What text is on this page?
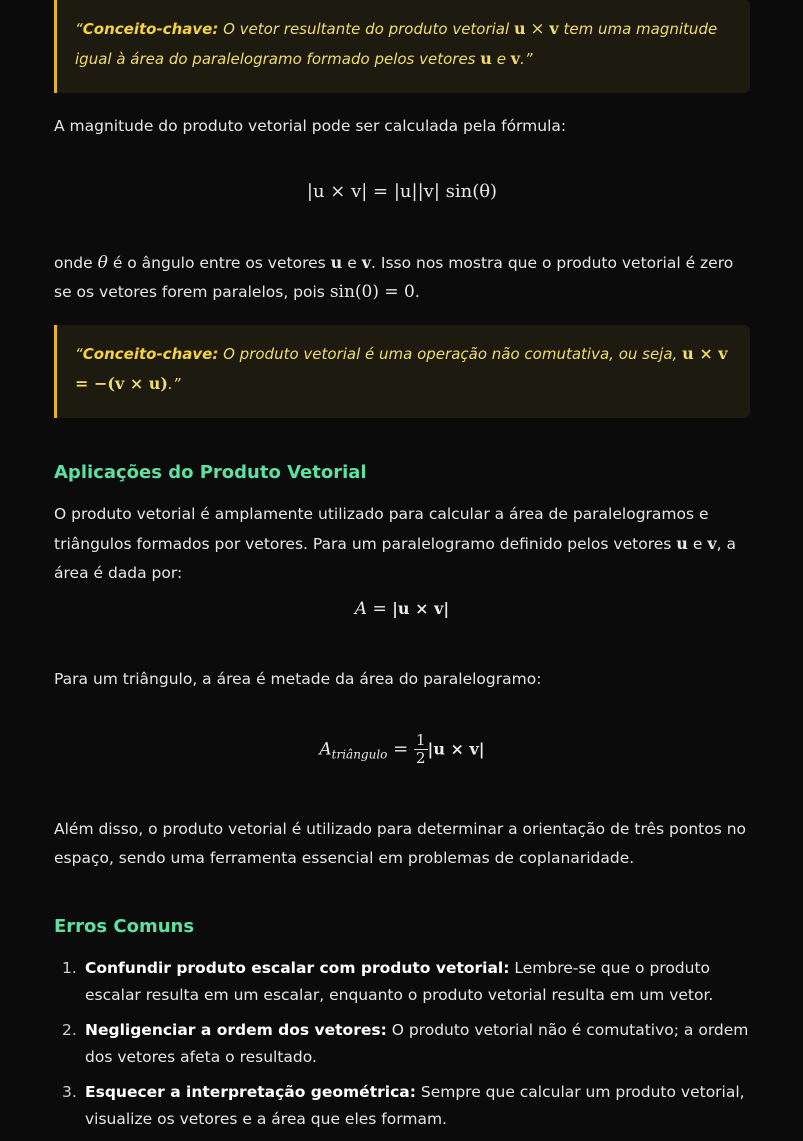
“Conceito-chave: O vetor resultante do produto vetorial u × v tem uma magnitude igual à área do paralelogramo formado pelos vetores u e v.”
A magnitude do produto vetorial pode ser calculada pela fórmula:
|u × v| = |u||v| sin(θ)
onde θ é o ângulo entre os vetores u e v. Isso nos mostra que o produto vetorial é zero se os vetores forem paralelos, pois sin(0) = 0.
“Conceito-chave: O produto vetorial é uma operação não comutativa, ou seja, u × v = −(v × u).”
Aplicações do Produto Vetorial
O produto vetorial é amplamente utilizado para calcular a área de paralelogramos e triângulos formados por vetores. Para um paralelogramo definido pelos vetores u e v, a área é dada por:
A = |u × v|
Para um triângulo, a área é metade da área do paralelogramo:
$A_{triângulo} = \frac{1}{2} |u \times v|$
Além disso, o produto vetorial é utilizado para determinar a orientação de três pontos no espaço, sendo uma ferramenta essencial em problemas de coplanaridade.
Erros Comuns
1. Confundir produto escalar com produto vetorial: Lembre-se que o produto escalar resulta em um escalar, enquanto o produto vetorial resulta em um vetor.
2. Negligenciar a ordem dos vetores: O produto vetorial não é comutativo; a ordem dos vetores afeta o resultado.
3. Esquecer a interpretação geométrica: Sempre que calcular um produto vetorial, visualize os vetores e a área que eles formam.
